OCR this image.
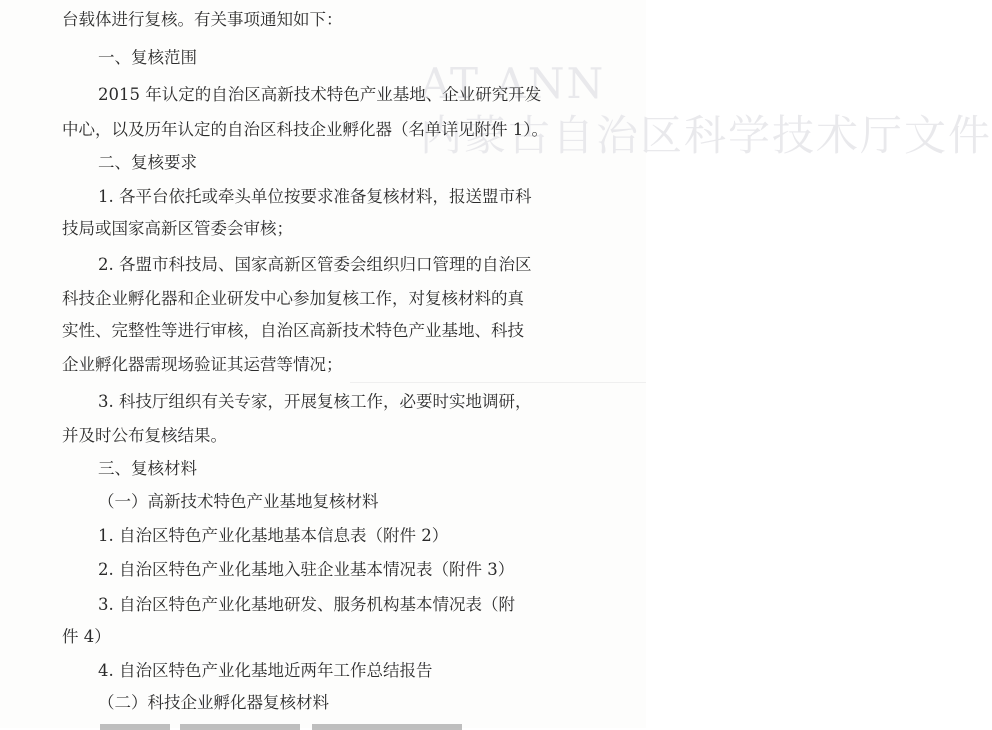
AT ANN
内蒙古自治区科学技术厅文件
台载体进行复核。有关事项通知如下：
一、复核范围
2015 年认定的自治区高新技术特色产业基地、企业研究开发
中心，以及历年认定的自治区科技企业孵化器（名单详见附件 1）。
二、复核要求
1. 各平台依托或牵头单位按要求准备复核材料，报送盟市科
技局或国家高新区管委会审核；
2. 各盟市科技局、国家高新区管委会组织归口管理的自治区
科技企业孵化器和企业研发中心参加复核工作，对复核材料的真
实性、完整性等进行审核，自治区高新技术特色产业基地、科技
企业孵化器需现场验证其运营等情况；
3. 科技厅组织有关专家，开展复核工作，必要时实地调研，
并及时公布复核结果。
三、复核材料
（一）高新技术特色产业基地复核材料
1. 自治区特色产业化基地基本信息表（附件 2）
2. 自治区特色产业化基地入驻企业基本情况表（附件 3）
3. 自治区特色产业化基地研发、服务机构基本情况表（附
件 4）
4. 自治区特色产业化基地近两年工作总结报告
（二）科技企业孵化器复核材料
